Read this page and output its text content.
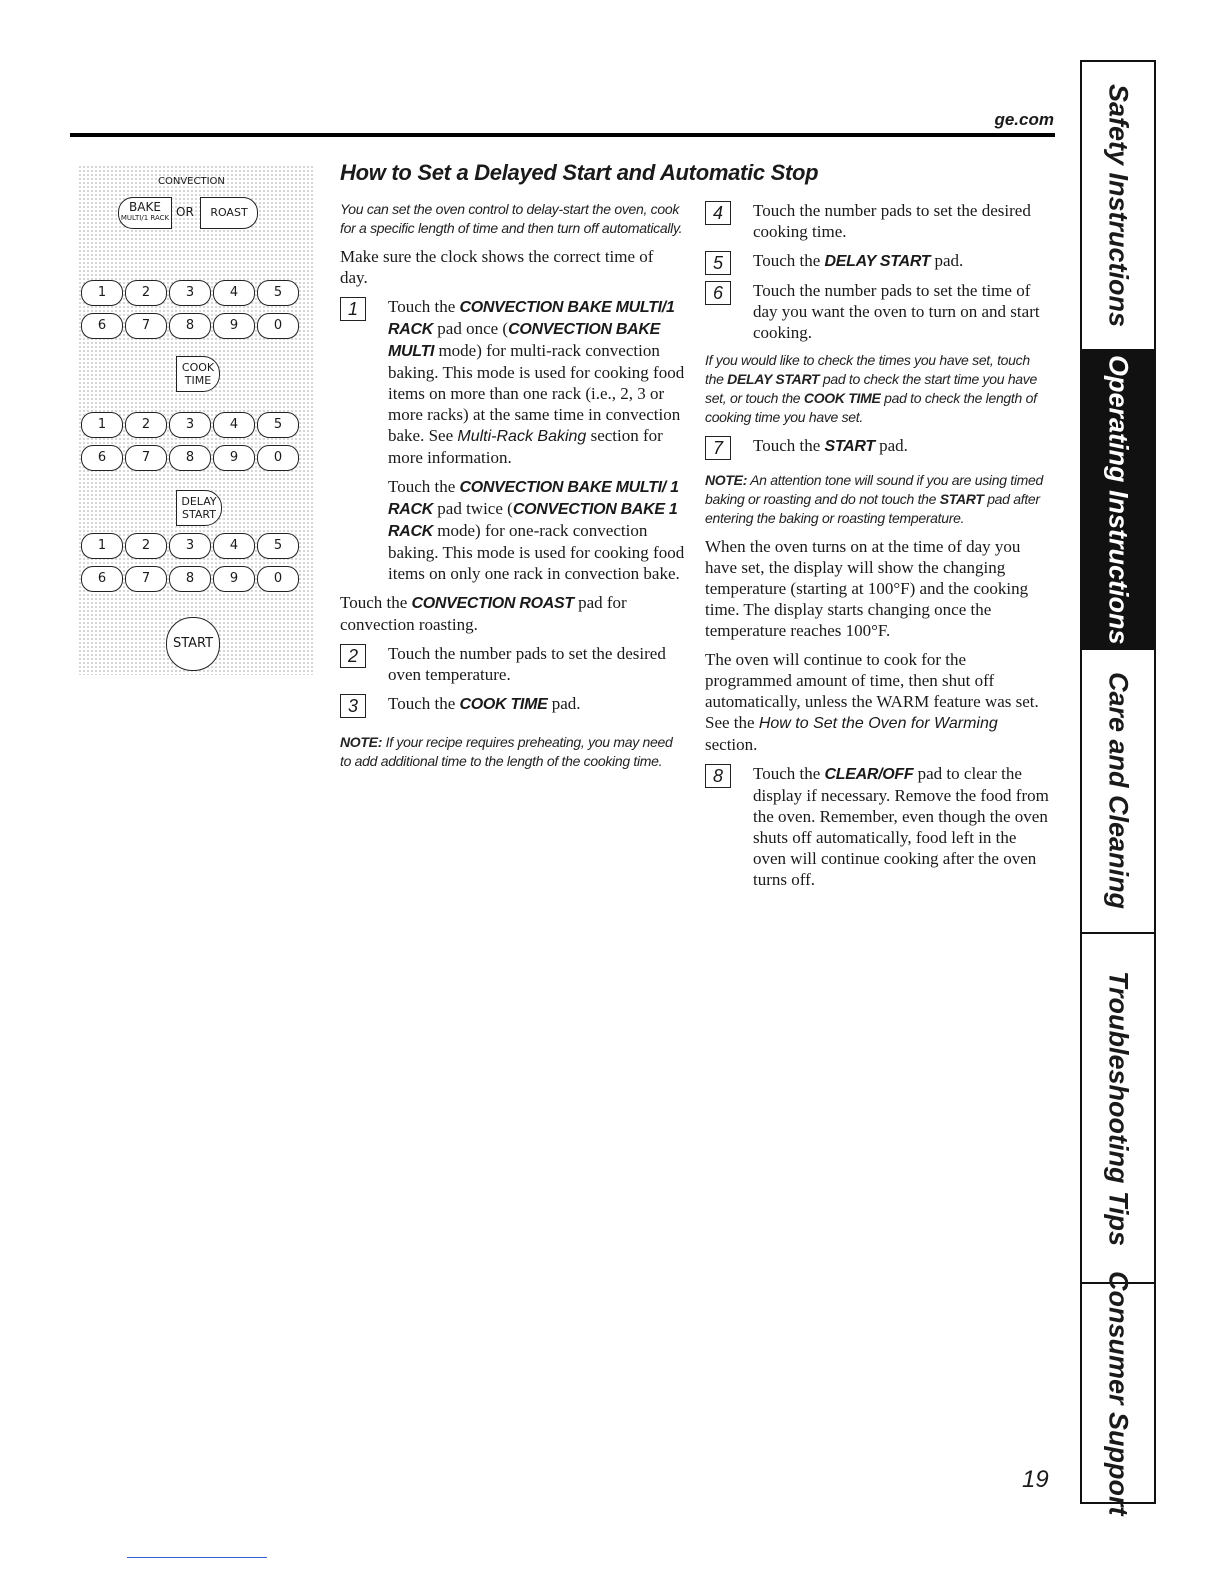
ge.com
How to Set a Delayed Start and Automatic Stop
CONVECTION
BAKE
MULTI/1 RACK OR	ROAST
1	2	3	4	5
6	7	8	9	0
1	2	3	4	5
6	7	8	9	0
1	2	3	4	5
6	7	8	9	0
COOK
TIME
DELAY
START
START

You can set the oven control to delay-start the oven, cook for a specific length of time and then turn off automatically.

Make sure the clock shows the correct time of day.

1	Touch the CONVECTION BAKE MULTI/1 RACK pad once (CONVECTION BAKE MULTI mode) for multi-rack convection baking. This mode is used for cooking food items on more than one rack (i.e., 2, 3 or more racks) at the same time in convection bake. See Multi-Rack Baking section for more information.
Touch the CONVECTION BAKE MULTI/ 1 RACK pad twice (CONVECTION BAKE 1 RACK mode) for one-rack convection baking. This mode is used for cooking food items on only one rack in convection bake.

Touch the CONVECTION ROAST pad for convection roasting.

2	Touch the number pads to set the desired oven temperature.
3	Touch the COOK TIME pad.

NOTE: If your recipe requires preheating, you may need to add additional time to the length of the cooking time.

4	Touch the number pads to set the desired cooking time.
5	Touch the DELAY START pad.
6	Touch the number pads to set the time of day you want the oven to turn on and start cooking.

If you would like to check the times you have set, touch the DELAY START pad to check the start time you have set, or touch the COOK TIME pad to check the length of cooking time you have set.

7	Touch the START pad.

NOTE: An attention tone will sound if you are using timed baking or roasting and do not touch the START pad after entering the baking or roasting temperature.

When the oven turns on at the time of day you have set, the display will show the changing temperature (starting at 100°F) and the cooking time. The display starts changing once the temperature reaches 100°F.

The oven will continue to cook for the programmed amount of time, then shut off automatically, unless the WARM feature was set. See the How to Set the Oven for Warming section.

8	Touch the CLEAR/OFF pad to clear the display if necessary. Remove the food from the oven. Remember, even though the oven shuts off automatically, food left in the oven will continue cooking after the oven turns off.
Safety Instructions
Operating Instructions
Care and Cleaning
Troubleshooting Tips
Consumer Support
19
